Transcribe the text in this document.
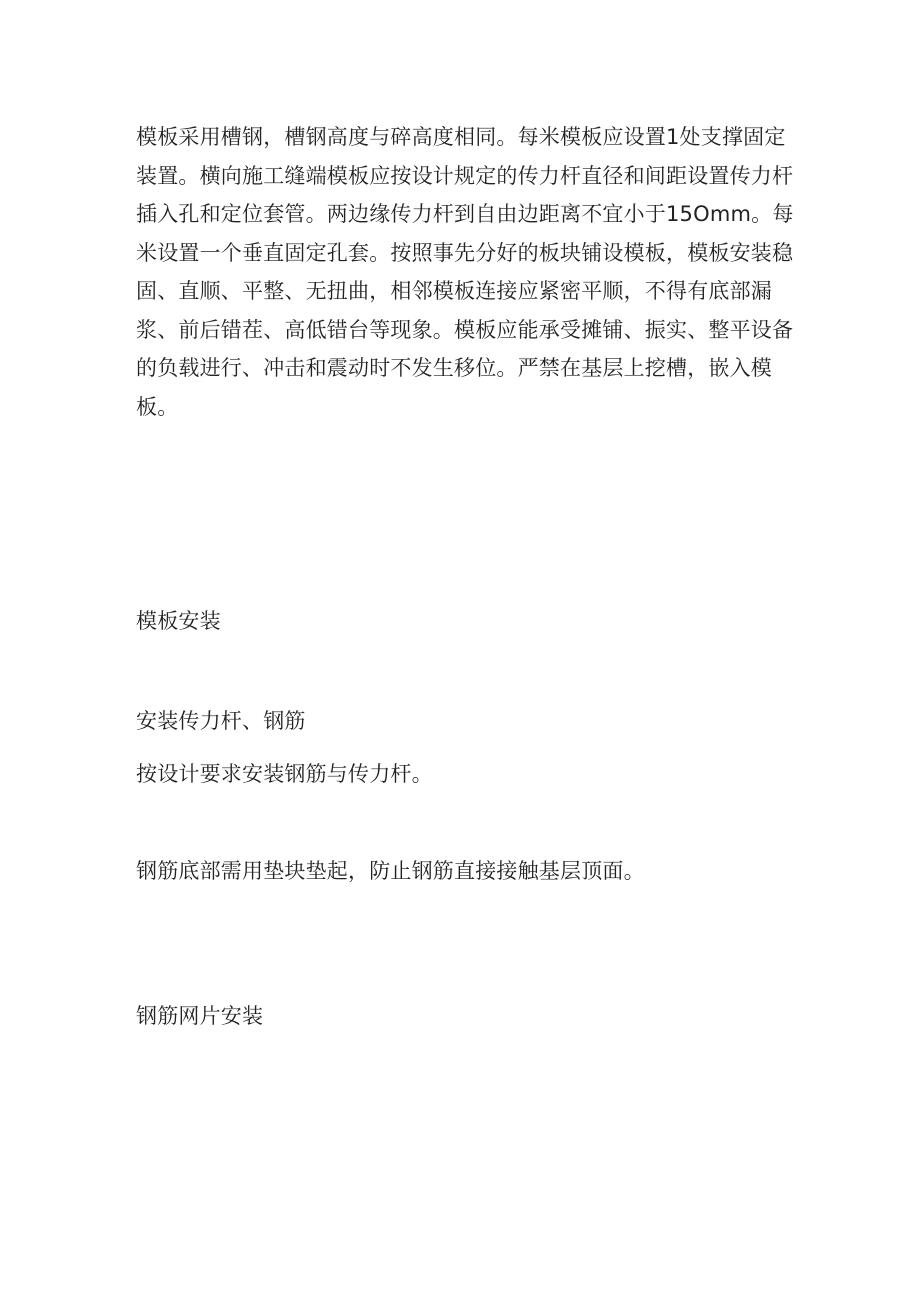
模板采用槽钢，槽钢高度与碎高度相同。每米模板应设置1处支撑固定装置。横向施工缝端模板应按设计规定的传力杆直径和间距设置传力杆插入孔和定位套管。两边缘传力杆到自由边距离不宜小于15Omm。每米设置一个垂直固定孔套。按照事先分好的板块铺设模板，模板安装稳固、直顺、平整、无扭曲，相邻模板连接应紧密平顺，不得有底部漏浆、前后错茬、高低错台等现象。模板应能承受摊铺、振实、整平设备的负载进行、冲击和震动时不发生移位。严禁在基层上挖槽，嵌入模板。

模板安装

安装传力杆、钢筋

按设计要求安装钢筋与传力杆。

钢筋底部需用垫块垫起，防止钢筋直接接触基层顶面。

钢筋网片安装
